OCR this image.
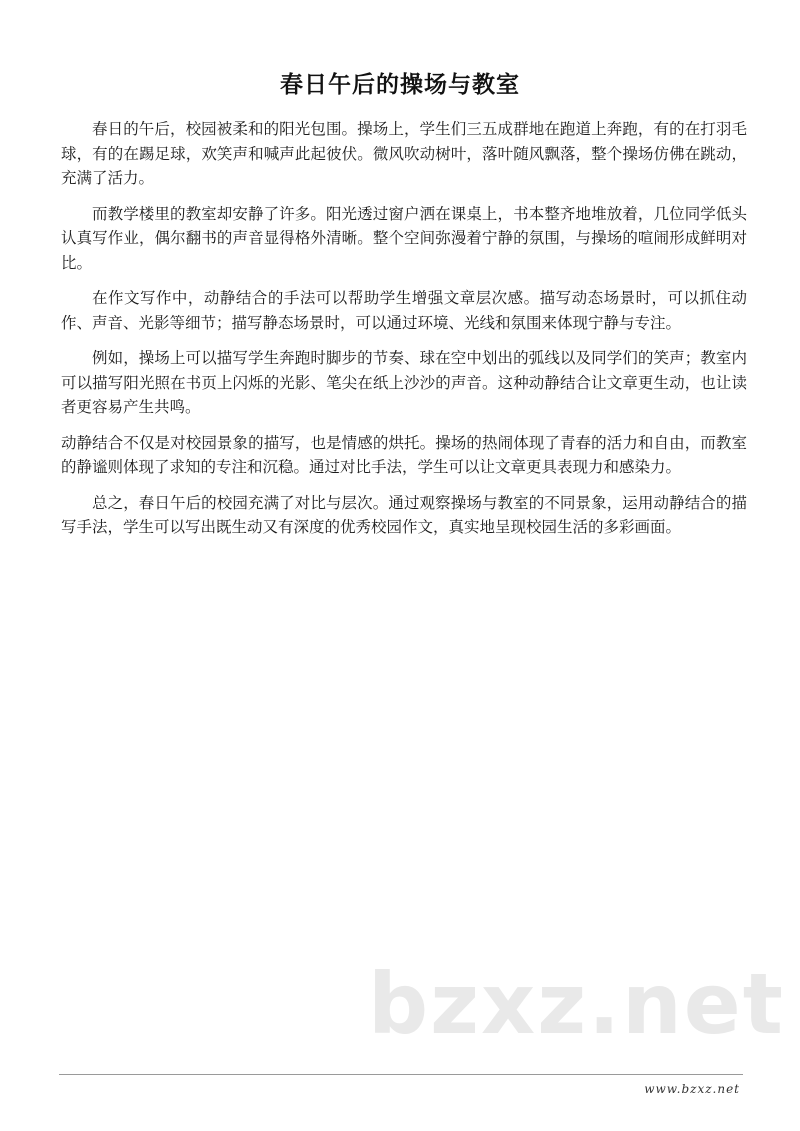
春日午后的操场与教室

春日的午后，校园被柔和的阳光包围。操场上，学生们三五成群地在跑道上奔跑，有的在打羽毛球，有的在踢足球，欢笑声和喊声此起彼伏。微风吹动树叶，落叶随风飘落，整个操场仿佛在跳动，充满了活力。

而教学楼里的教室却安静了许多。阳光透过窗户洒在课桌上，书本整齐地堆放着，几位同学低头认真写作业，偶尔翻书的声音显得格外清晰。整个空间弥漫着宁静的氛围，与操场的喧闹形成鲜明对比。

在作文写作中，动静结合的手法可以帮助学生增强文章层次感。描写动态场景时，可以抓住动作、声音、光影等细节；描写静态场景时，可以通过环境、光线和氛围来体现宁静与专注。

例如，操场上可以描写学生奔跑时脚步的节奏、球在空中划出的弧线以及同学们的笑声；教室内可以描写阳光照在书页上闪烁的光影、笔尖在纸上沙沙的声音。这种动静结合让文章更生动，也让读者更容易产生共鸣。

动静结合不仅是对校园景象的描写，也是情感的烘托。操场的热闹体现了青春的活力和自由，而教室的静谧则体现了求知的专注和沉稳。通过对比手法，学生可以让文章更具表现力和感染力。

总之，春日午后的校园充满了对比与层次。通过观察操场与教室的不同景象，运用动静结合的描写手法，学生可以写出既生动又有深度的优秀校园作文，真实地呈现校园生活的多彩画面。

bzxz.net
www.bzxz.net
